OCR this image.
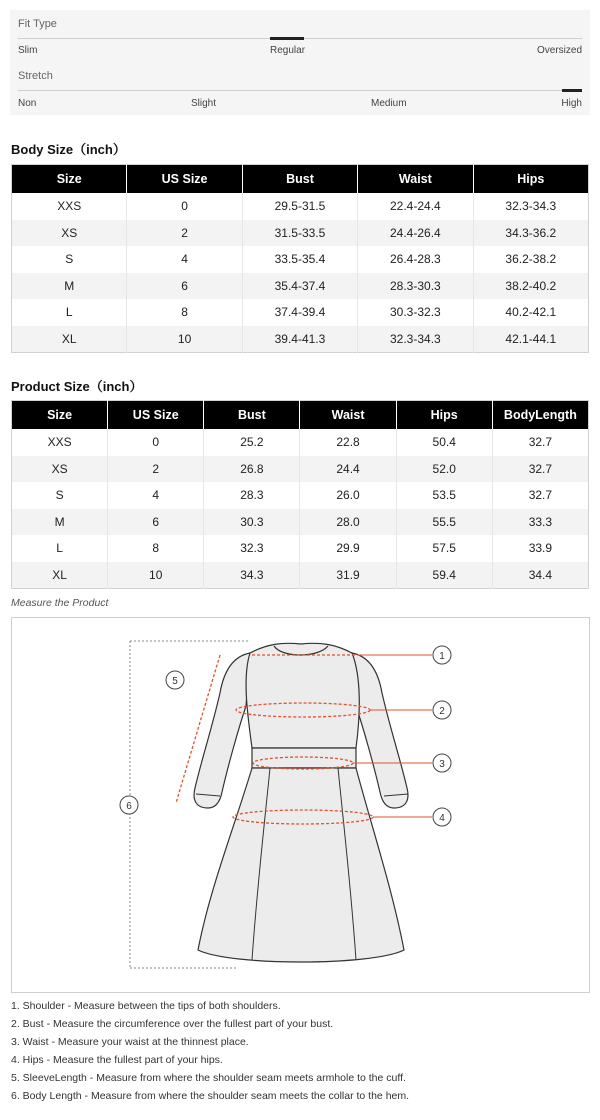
Fit Type
Slim	Regular	Oversized
Stretch
Non	Slight	Medium	High
Body Size（inch）
Size	US Size	Bust	Waist	Hips
XXS	0	29.5-31.5	22.4-24.4	32.3-34.3
XS	2	31.5-33.5	24.4-26.4	34.3-36.2
S	4	33.5-35.4	26.4-28.3	36.2-38.2
M	6	35.4-37.4	28.3-30.3	38.2-40.2
L	8	37.4-39.4	30.3-32.3	40.2-42.1
XL	10	39.4-41.3	32.3-34.3	42.1-44.1
Product Size（inch）
Size	US Size	Bust	Waist	Hips	BodyLength
XXS	0	25.2	22.8	50.4	32.7
XS	2	26.8	24.4	52.0	32.7
S	4	28.3	26.0	53.5	32.7
M	6	30.3	28.0	55.5	33.3
L	8	32.3	29.9	57.5	33.9
XL	10	34.3	31.9	59.4	34.4
Measure the Product
1
2
3
4
5
6
1. Shoulder - Measure between the tips of both shoulders.
2. Bust - Measure the circumference over the fullest part of your bust.
3. Waist - Measure your waist at the thinnest place.
4. Hips - Measure the fullest part of your hips.
5. SleeveLength - Measure from where the shoulder seam meets armhole to the cuff.
6. Body Length - Measure from where the shoulder seam meets the collar to the hem.
